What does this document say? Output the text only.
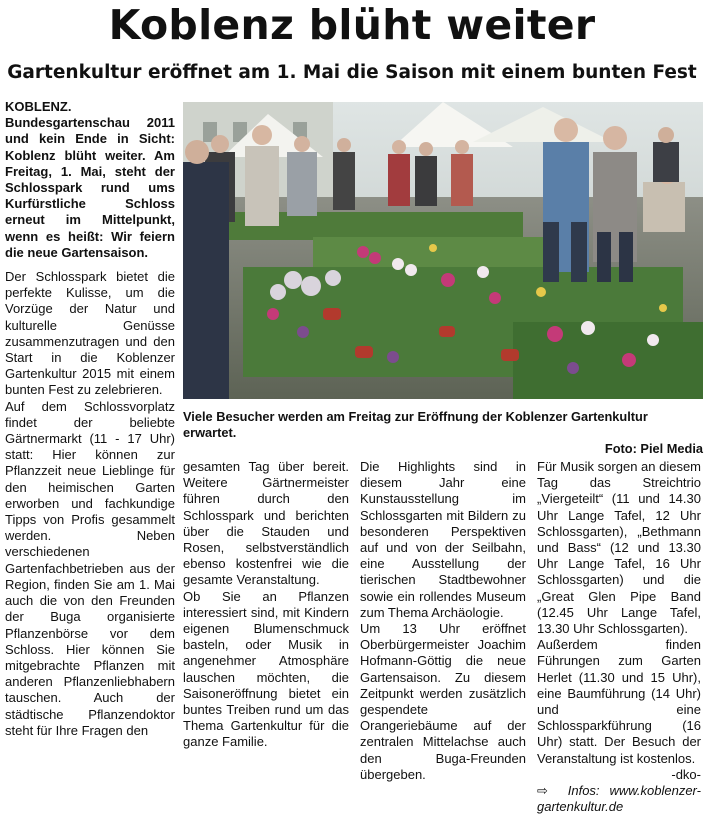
Koblenz blüht weiter
Gartenkultur eröffnet am 1. Mai die Saison mit einem bunten Fest

KOBLENZ. Bundesgartenschau 2011 und kein Ende in Sicht: Koblenz blüht weiter. Am Freitag, 1. Mai, steht der Schlosspark rund ums Kurfürstliche Schloss erneut im Mittelpunkt, wenn es heißt: Wir feiern die neue Gartensaison.

Der Schlosspark bietet die perfekte Kulisse, um die Vorzüge der Natur und kulturelle Genüsse zusammenzutragen und den Start in die Koblenzer Gartenkultur 2015 mit einem bunten Fest zu zelebrieren.

Auf dem Schlossvorplatz findet der beliebte Gärtnermarkt (11 - 17 Uhr) statt: Hier können zur Pflanzzeit neue Lieblinge für den heimischen Garten erworben und fachkundige Tipps von Profis gesammelt werden. Neben verschiedenen Gartenfachbetrieben aus der Region, finden Sie am 1. Mai auch die von den Freunden der Buga organisierte Pflanzenbörse vor dem Schloss. Hier können Sie mitgebrachte Pflanzen mit anderen Pflanzenliebhabern tauschen. Auch der städtische Pflanzendoktor steht für Ihre Fragen den

Viele Besucher werden am Freitag zur Eröffnung der Koblenzer Gartenkultur erwartet.
Foto: Piel Media

gesamten Tag über bereit. Weitere Gärtnermeister führen durch den Schlosspark und berichten über die Stauden und Rosen, selbstverständlich ebenso kostenfrei wie die gesamte Veranstaltung.

Ob Sie an Pflanzen interessiert sind, mit Kindern eigenen Blumenschmuck basteln, oder Musik in angenehmer Atmosphäre lauschen möchten, die Saisoneröffnung bietet ein buntes Treiben rund um das Thema Gartenkultur für die ganze Familie.

Die Highlights sind in diesem Jahr eine Kunstausstellung im Schlossgarten mit Bildern zu besonderen Perspektiven auf und von der Seilbahn, eine Ausstellung der tierischen Stadtbewohner sowie ein rollendes Museum zum Thema Archäologie.

Um 13 Uhr eröffnet Oberbürgermeister Joachim Hofmann-Göttig die neue Gartensaison. Zu diesem Zeitpunkt werden zusätzlich gespendete Orangeriebäume auf der zentralen Mittelachse auch den Buga-Freunden übergeben.

Für Musik sorgen an diesem Tag das Streichtrio „Viergeteilt“ (11 und 14.30 Uhr Lange Tafel, 12 Uhr Schlossgarten), „Bethmann und Bass“ (12 und 13.30 Uhr Lange Tafel, 16 Uhr Schlossgarten) und die „Great Glen Pipe Band (12.45 Uhr Lange Tafel, 13.30 Uhr Schlossgarten).

Außerdem finden Führungen zum Garten Herlet (11.30 und 15 Uhr), eine Baumführung (14 Uhr) und eine Schlossparkführung (16 Uhr) statt. Der Besuch der Veranstaltung ist kostenlos.

-dko-

⇨ Infos: www.koblenzer-gartenkultur.de
